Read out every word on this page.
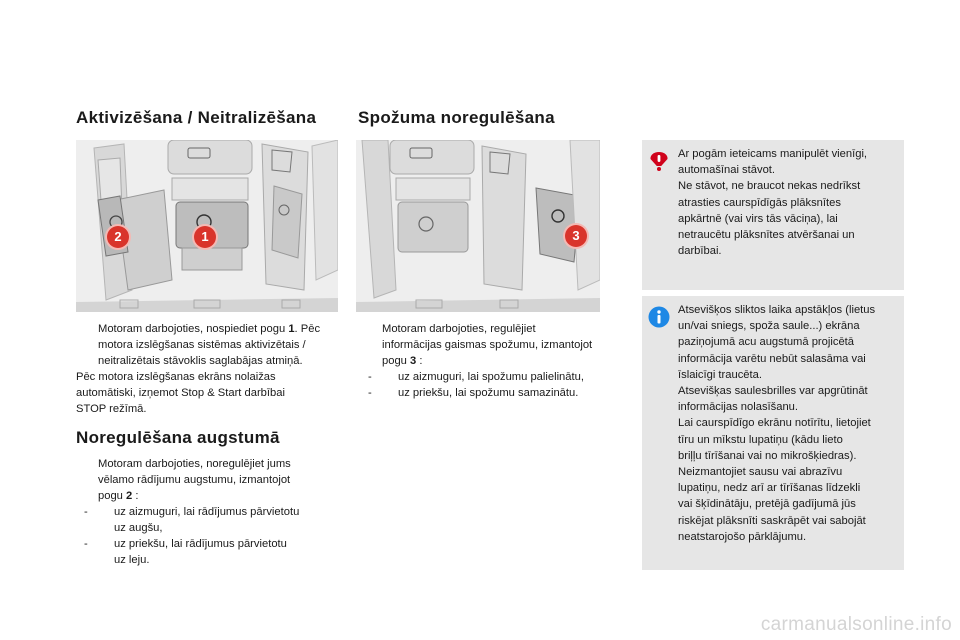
Aktivizēšana / Neitralizēšana Spožuma noregulēšana
2	1	3
Motoram darbojoties, nospiediet pogu 1. Pēc
motora izslēgšanas sistēmas aktivizētais /
neitralizētais stāvoklis saglabājas atmiņā.
Pēc motora izslēgšanas ekrāns nolaižas
automātiski, izņemot Stop & Start darbībai
STOP režīmā.
Noregulēšana augstumā
Motoram darbojoties, noregulējiet jums
vēlamo rādījumu augstumu, izmantojot
pogu 2 :
-	uz aizmuguri, lai rādījumus pārvietotu
uz augšu,
-	uz priekšu, lai rādījumus pārvietotu
uz leju.
Motoram darbojoties, regulējiet
informācijas gaismas spožumu, izmantojot
pogu 3 :
-	uz aizmuguri, lai spožumu palielinātu,
-	uz priekšu, lai spožumu samazinātu.
Ar pogām ieteicams manipulēt vienīgi,
automašīnai stāvot.
Ne stāvot, ne braucot nekas nedrīkst
atrasties caurspīdīgās plāksnītes
apkārtnē (vai virs tās vāciņa), lai
netraucētu plāksnītes atvēršanai un
darbībai.
Atsevišķos sliktos laika apstākļos (lietus
un/vai sniegs, spoža saule...) ekrāna
paziņojumā acu augstumā projicētā
informācija varētu nebūt salasāma vai
īslaicīgi traucēta.
Atsevišķas saulesbrilles var apgrūtināt
informācijas nolasīšanu.
Lai caurspīdīgo ekrānu notīrītu, lietojiet
tīru un mīkstu lupatiņu (kādu lieto
briļļu tīrīšanai vai no mikrošķiedras).
Neizmantojiet sausu vai abrazīvu
lupatiņu, nedz arī ar tīrīšanas līdzekli
vai šķīdinātāju, pretējā gadījumā jūs
riskējat plāksnīti saskrāpēt vai sabojāt
neatstarojošo pārklājumu.
carmanualsonline.info
